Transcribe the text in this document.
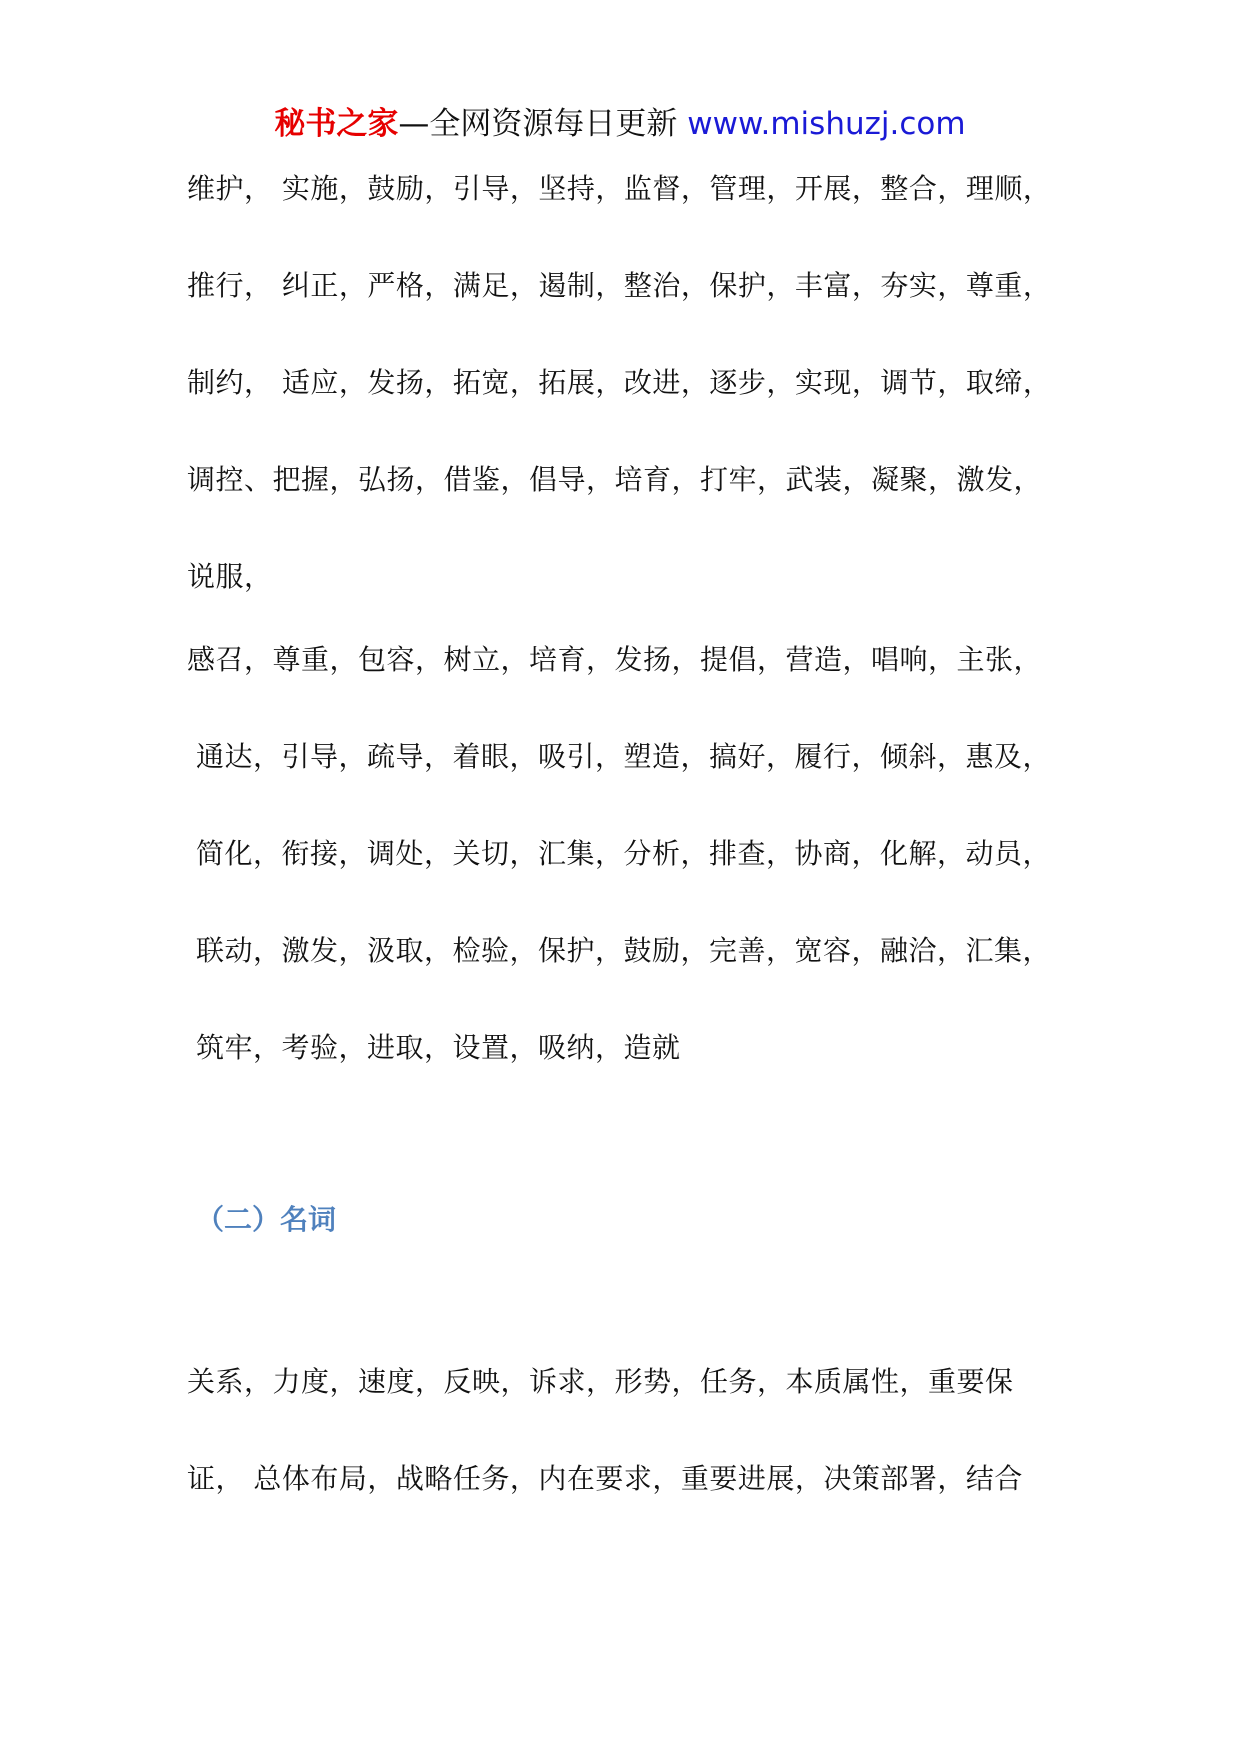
秘书之家—全网资源每日更新 www.mishuzj.com
维护， 实施，鼓励，引导，坚持，监督，管理，开展，整合，理顺，
推行， 纠正，严格，满足，遏制，整治，保护，丰富，夯实，尊重，
制约， 适应，发扬，拓宽，拓展，改进，逐步，实现，调节，取缔，
调控、把握，弘扬，借鉴，倡导，培育，打牢，武装，凝聚，激发，
说服，
感召，尊重，包容，树立，培育，发扬，提倡，营造，唱响，主张，
通达，引导，疏导，着眼，吸引，塑造，搞好，履行，倾斜，惠及，
简化，衔接，调处，关切，汇集，分析，排查，协商，化解，动员，
联动，激发，汲取，检验，保护，鼓励，完善，宽容，融洽，汇集，
筑牢，考验，进取，设置，吸纳，造就
（二）名词
关系，力度，速度，反映，诉求，形势，任务，本质属性，重要保
证， 总体布局，战略任务，内在要求，重要进展，决策部署，结合
